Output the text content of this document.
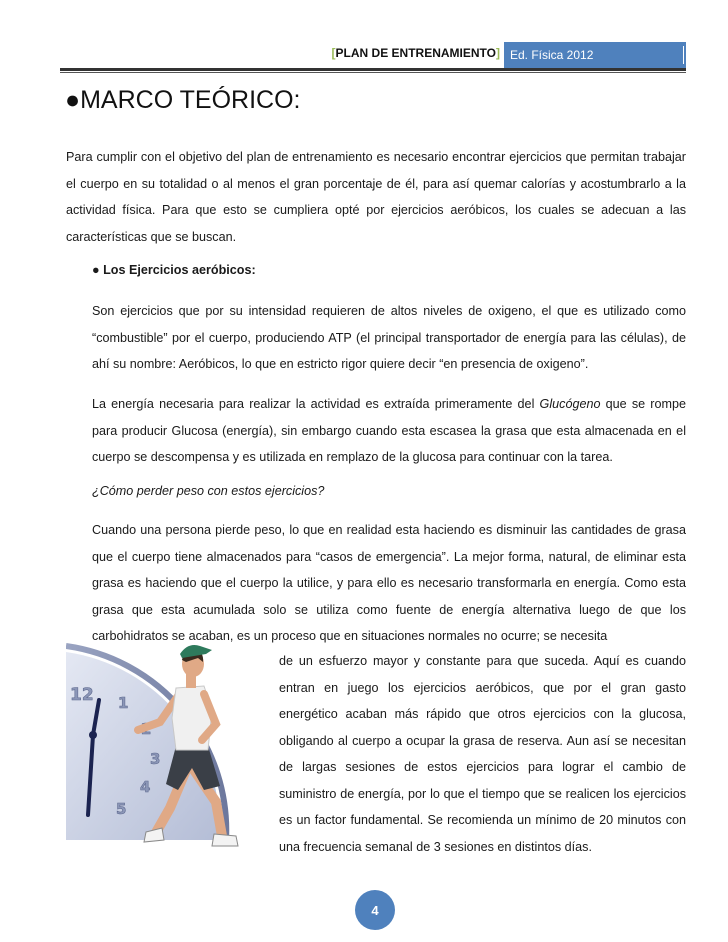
[PLAN DE ENTRENAMIENTO] Ed. Física 2012
●MARCO TEÓRICO:

Para cumplir con el objetivo del plan de entrenamiento es necesario encontrar ejercicios que permitan trabajar el cuerpo en su totalidad o al menos el gran porcentaje de él, para así quemar calorías y acostumbrarlo a la actividad física. Para que esto se cumpliera opté por ejercicios aeróbicos, los cuales se adecuan a las características que se buscan.

● Los Ejercicios aeróbicos:

Son ejercicios que por su intensidad requieren de altos niveles de oxigeno, el que es utilizado como “combustible” por el cuerpo, produciendo ATP (el principal transportador de energía para las células), de ahí su nombre: Aeróbicos, lo que en estricto rigor quiere decir “en presencia de oxigeno”.

La energía necesaria para realizar la actividad es extraída primeramente del Glucógeno que se rompe para producir Glucosa (energía), sin embargo cuando esta escasea la grasa que esta almacenada en el cuerpo se descompensa y es utilizada en remplazo de la glucosa para continuar con la tarea.

¿Cómo perder peso con estos ejercicios?

Cuando una persona pierde peso, lo que en realidad esta haciendo es disminuir las cantidades de grasa que el cuerpo tiene almacenados para “casos de emergencia”. La mejor forma, natural, de eliminar esta grasa es haciendo que el cuerpo la utilice, y para ello es necesario transformarla en energía. Como esta grasa que esta acumulada solo se utiliza como fuente de energía alternativa luego de que los carbohidratos se acaban, es un proceso que en situaciones normales no ocurre; se necesita

de un esfuerzo mayor y constante para que suceda. Aquí es cuando entran en juego los ejercicios aeróbicos, que por el gran gasto energético acaban más rápido que otros ejercicios con la glucosa, obligando al cuerpo a ocupar la grasa de reserva. Aun así se necesitan de largas sesiones de estos ejercicios para lograr el cambio de suministro de energía, por lo que el tiempo que se realicen los ejercicios es un factor fundamental. Se recomienda un mínimo de 20 minutos con una frecuencia semanal de 3 sesiones en distintos días.

12 1
2
3
4
5
4
